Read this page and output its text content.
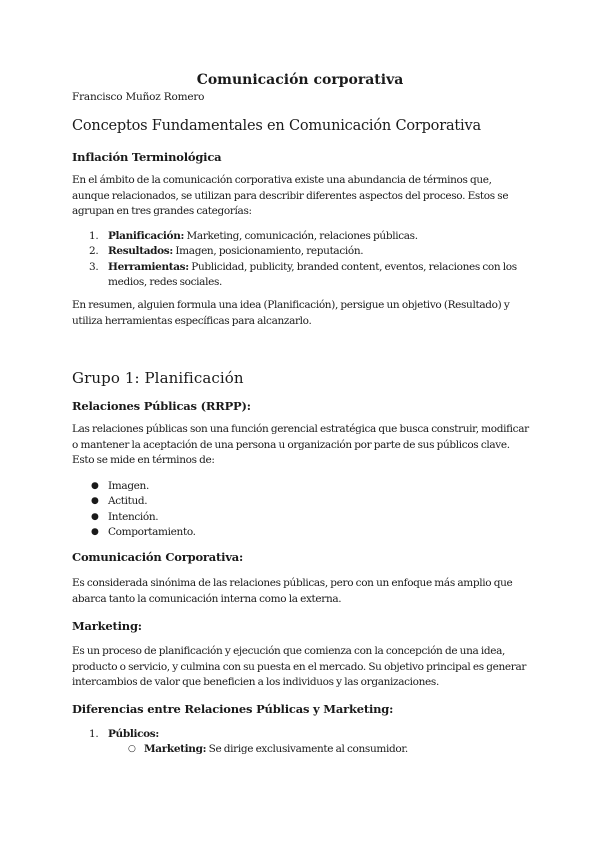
Comunicación corporativa

Francisco Muñoz Romero

Conceptos Fundamentales en Comunicación Corporativa
Inflación Terminológica

En el ámbito de la comunicación corporativa existe una abundancia de términos que, aunque relacionados, se utilizan para describir diferentes aspectos del proceso. Estos se agrupan en tres grandes categorías:

1. Planificación: Marketing, comunicación, relaciones públicas.
2. Resultados: Imagen, posicionamiento, reputación.
3. Herramientas: Publicidad, publicity, branded content, eventos, relaciones con los medios, redes sociales.

En resumen, alguien formula una idea (Planificación), persigue un objetivo (Resultado) y utiliza herramientas específicas para alcanzarlo.

Grupo 1: Planificación
Relaciones Públicas (RRPP):

Las relaciones públicas son una función gerencial estratégica que busca construir, modificar o mantener la aceptación de una persona u organización por parte de sus públicos clave. Esto se mide en términos de:

● Imagen.
● Actitud.
● Intención.
● Comportamiento.
Comunicación Corporativa:

Es considerada sinónima de las relaciones públicas, pero con un enfoque más amplio que abarca tanto la comunicación interna como la externa.

Marketing:

Es un proceso de planificación y ejecución que comienza con la concepción de una idea, producto o servicio, y culmina con su puesta en el mercado. Su objetivo principal es generar intercambios de valor que beneficien a los individuos y las organizaciones.

Diferencias entre Relaciones Públicas y Marketing:
1. Públicos:
○ Marketing: Se dirige exclusivamente al consumidor.
